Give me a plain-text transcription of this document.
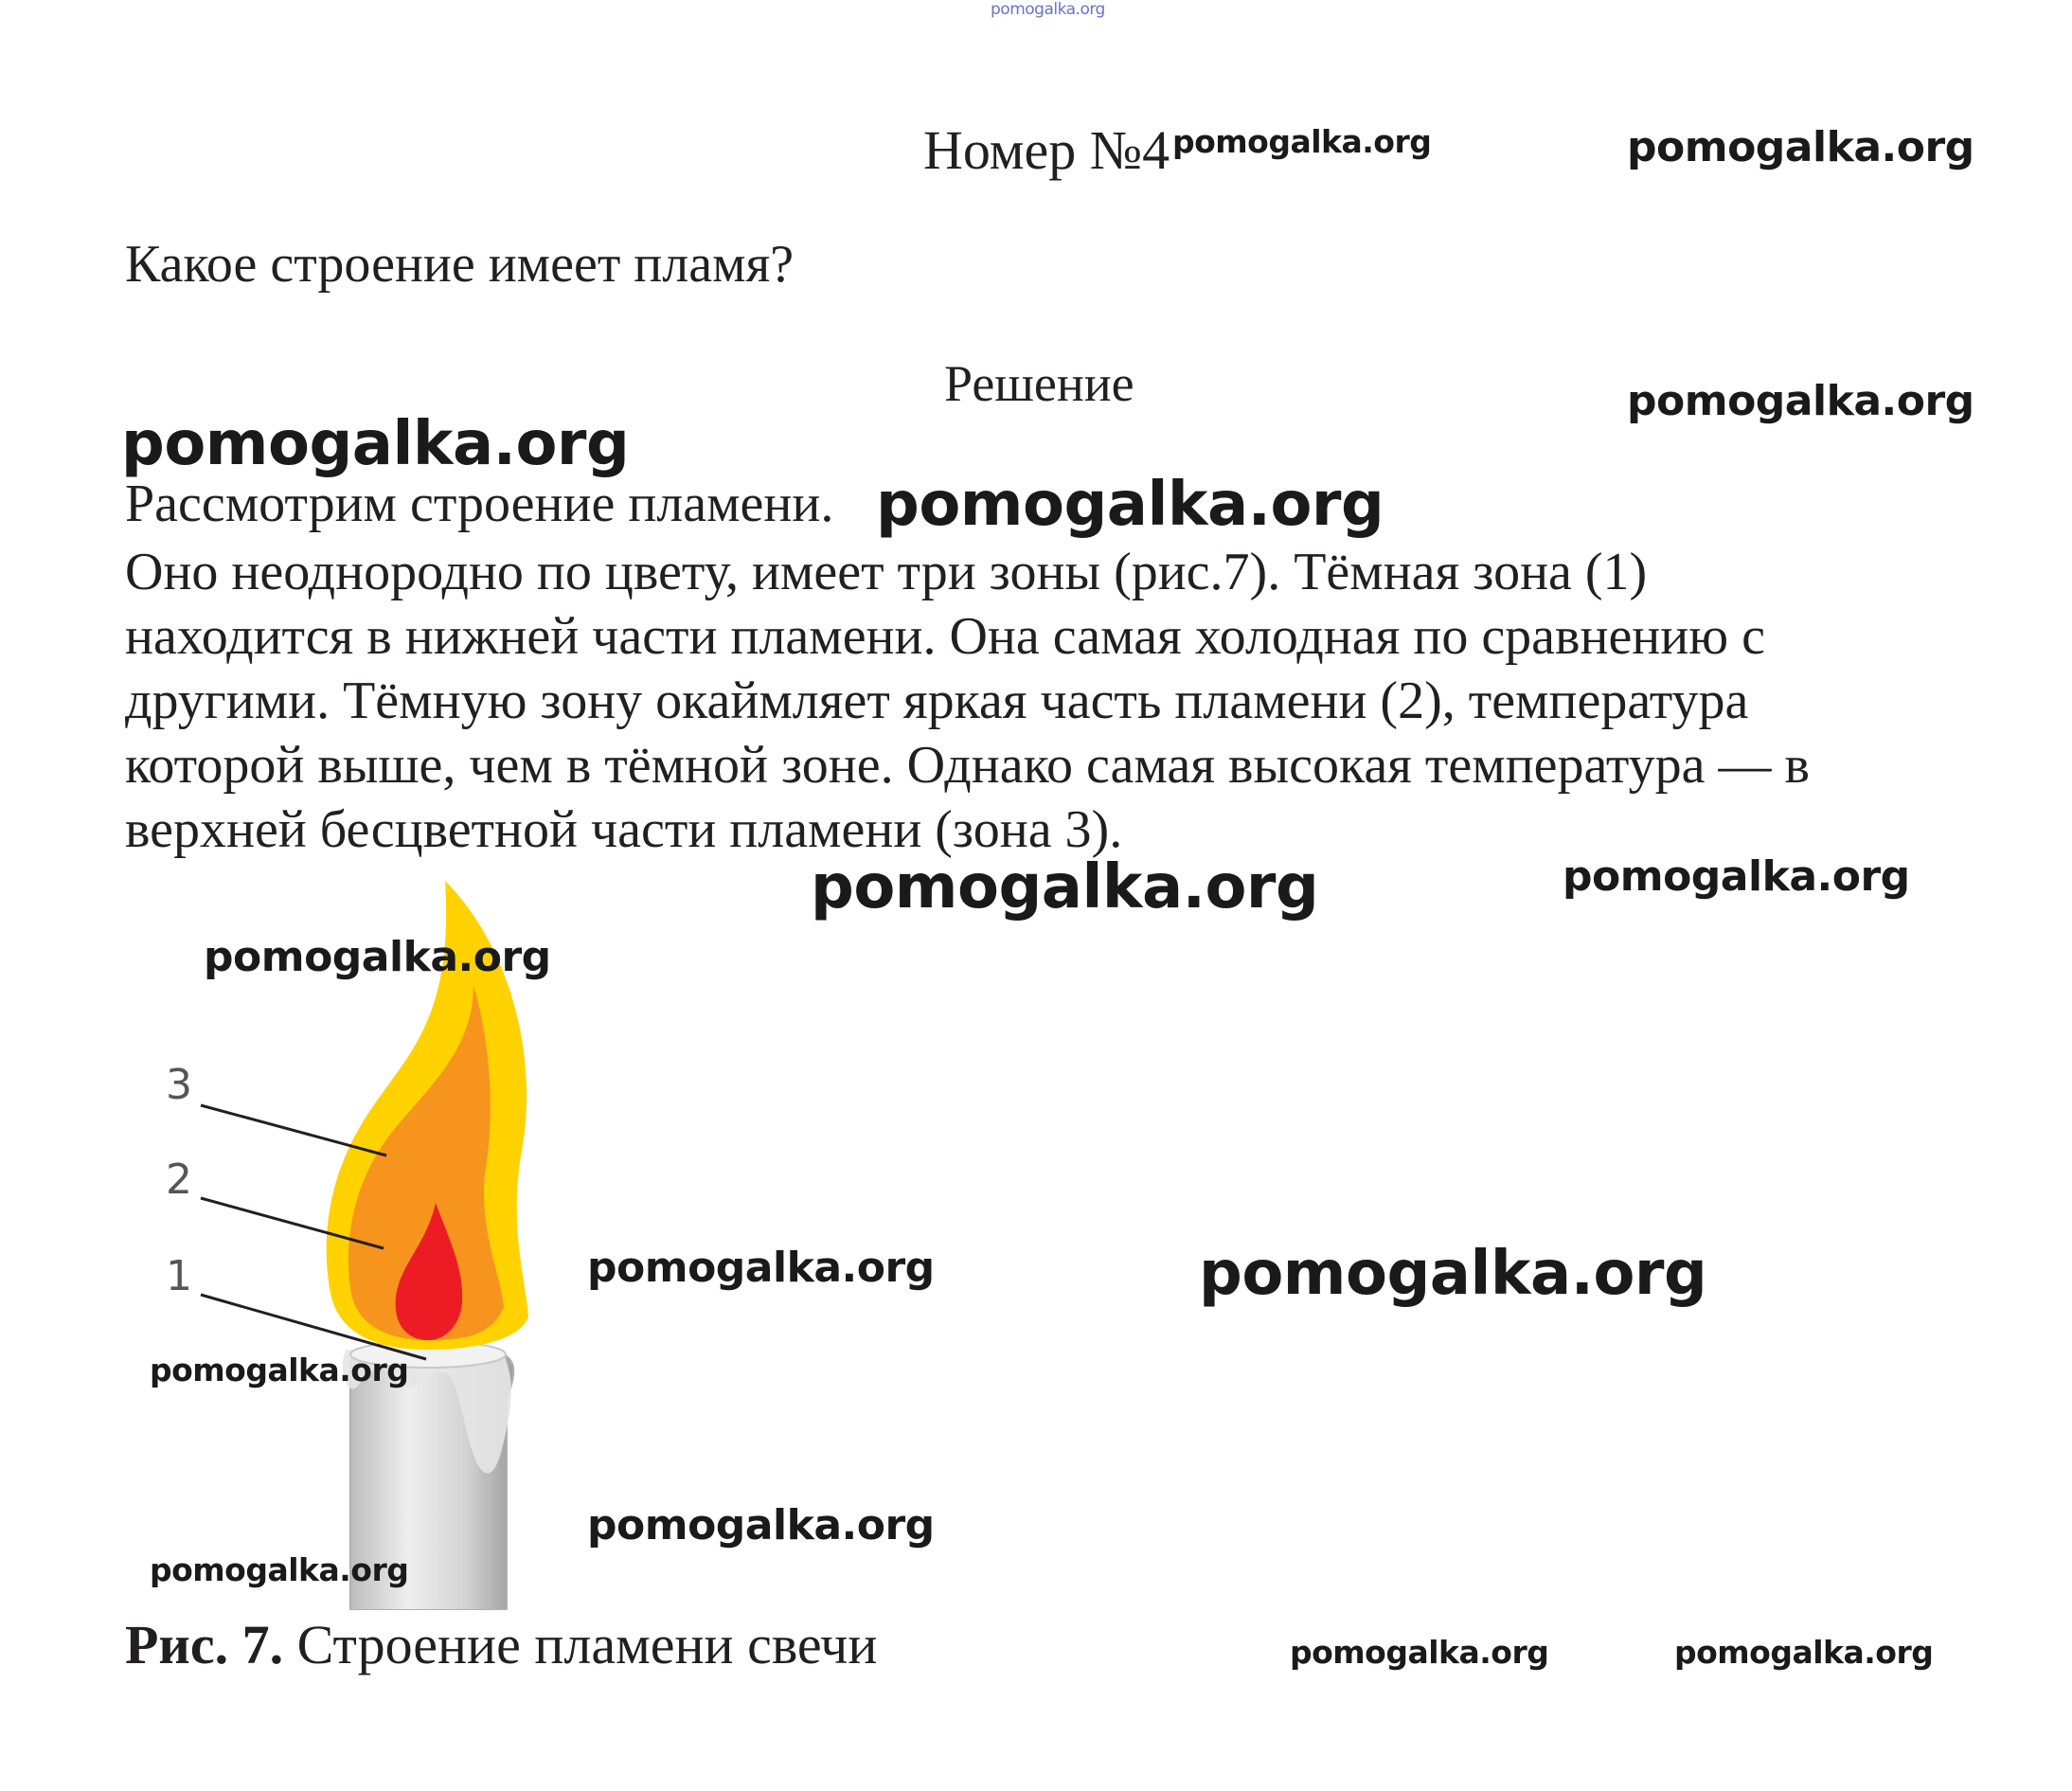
pomogalka.org
Номер №4 pomogalka.org	pomogalka.org
Какое строение имеет пламя?
Решение	pomogalka.org
pomogalka.org
Рассмотрим строение пламени. pomogalka.org
Оно неоднородно по цвету, имеет три зоны (рис.7). Тёмная зона (1)
находится в нижней части пламени. Она самая холодная по сравнению с
другими. Тёмную зону окаймляет яркая часть пламени (2), температура
которой выше, чем в тёмной зоне. Однако самая высокая температура — в
верхней бесцветной части пламени (зона 3).
pomogalka.org	pomogalka.org
3
2
1
pomogalka.org
pomogalka.org	pomogalka.org
pomogalka.org
pomogalka.org
pomogalka.org
Рис. 7. Строение пламени свечи	pomogalka.org	pomogalka.org
